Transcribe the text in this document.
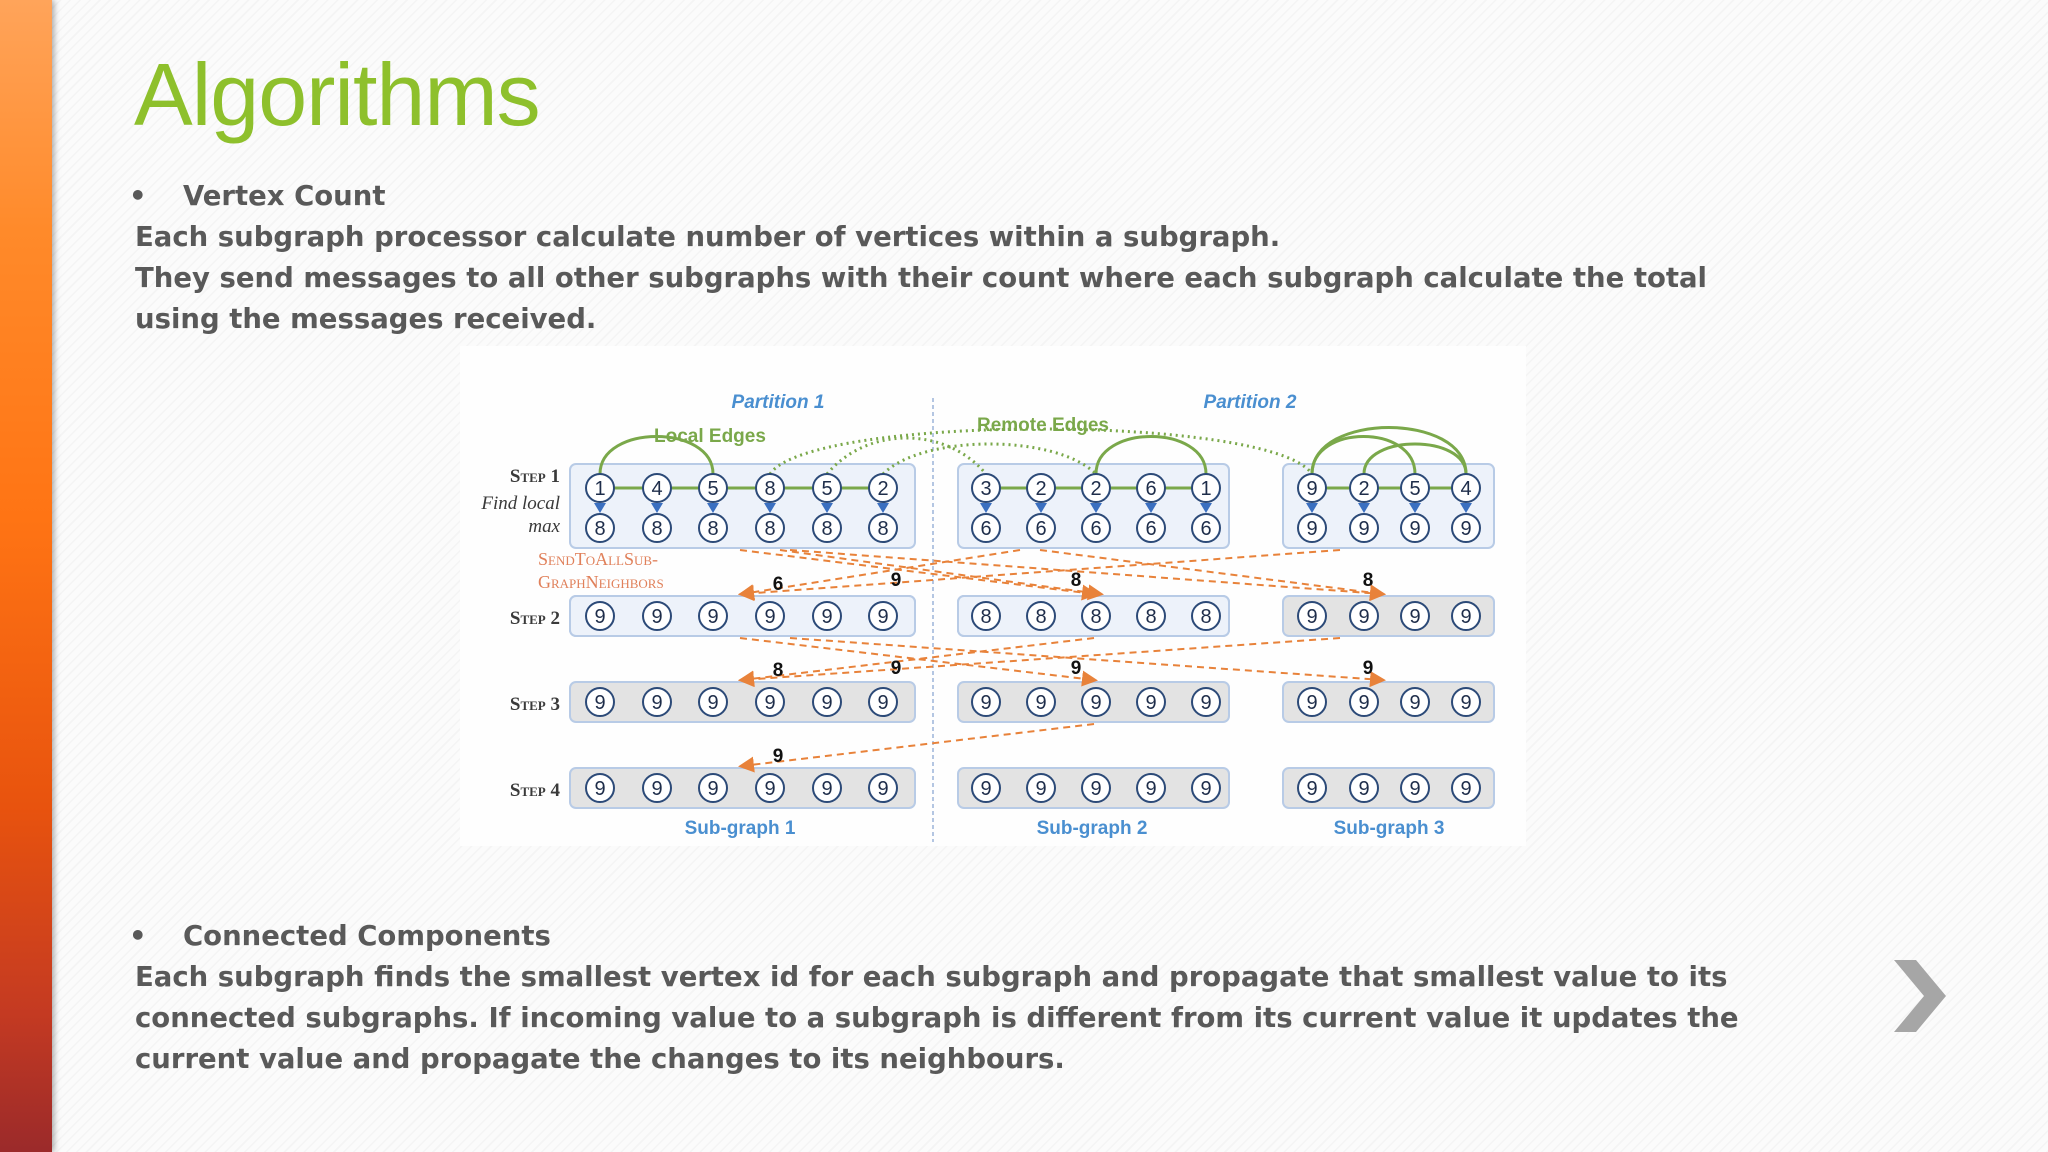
Algorithms
• Vertex Count
Each subgraph processor calculate number of vertices within a subgraph.
They send messages to all other subgraphs with their count where each subgraph calculate the total using the messages received.
Partition 1	Partition 2
Local Edges
Remote Edges
Step 1
Step 2
Step 3
Step 4
Find local
max
SendToAllSub-
GraphNeighbors
1 4 5 8 5 2
8 8 8 8 8 8
9 9 9 9 9 9
9 9 9 9 9 9
9 9 9 9 9 9
3 2 2 6 1
6 6 6 6 6
8 8 8 8 8
9 9 9 9 9
9 9 9 9 9
9 2 5 4
9 9 9 9
9 9 9 9
9 9 9 9
9 9 9 9
6	9	8	8
8	9	9	9
9
Sub-graph 1	Sub-graph 2	Sub-graph 3
• Connected Components
Each subgraph finds the smallest vertex id for each subgraph and propagate that smallest value to its connected subgraphs. If incoming value to a subgraph is different from its current value it updates the current value and propagate the changes to its neighbours.
